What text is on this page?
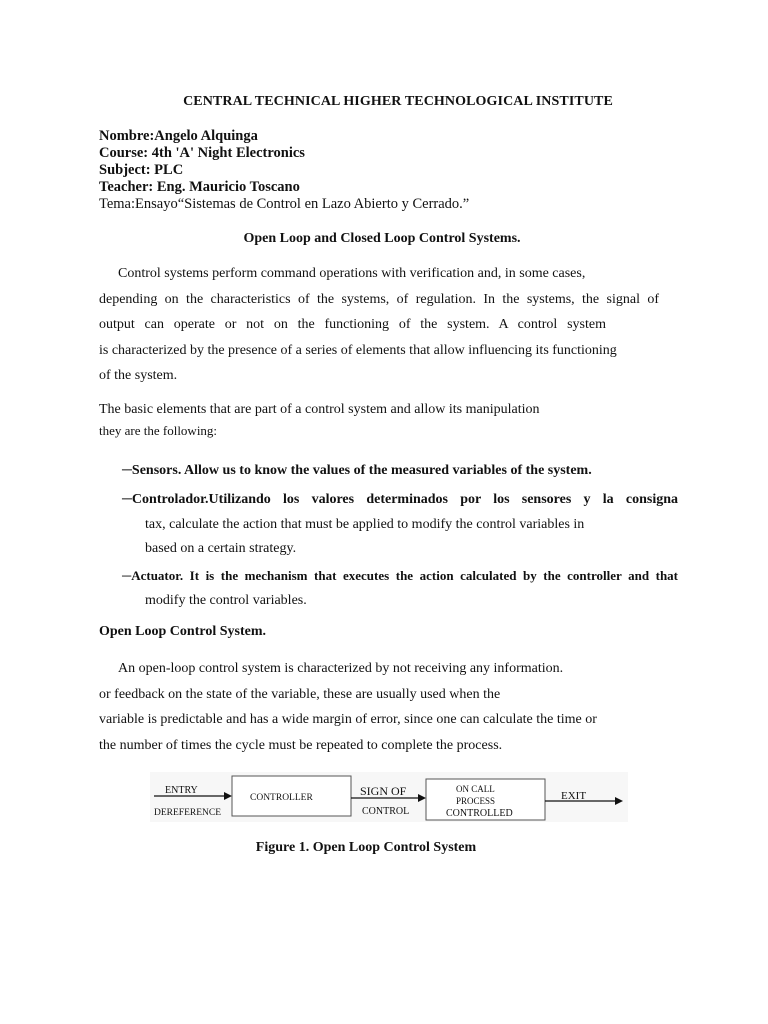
CENTRAL TECHNICAL HIGHER TECHNOLOGICAL INSTITUTE
Nombre:Angelo Alquinga
Course: 4th 'A' Night Electronics
Subject: PLC
Teacher: Eng. Mauricio Toscano
Tema:Ensayo“Sistemas de Control en Lazo Abierto y Cerrado.”
Open Loop and Closed Loop Control Systems.
Control systems perform command operations with verification and, in some cases,
depending on the characteristics of the systems, of regulation. In the systems, the signal of
output can operate or not on the functioning of the system. A control system
is characterized by the presence of a series of elements that allow influencing its functioning
of the system.
The basic elements that are part of a control system and allow its manipulation
they are the following:
─Sensors. Allow us to know the values of the measured variables of the system.
─Controlador.Utilizando los valores determinados por los sensores y la consigna
tax, calculate the action that must be applied to modify the control variables in
based on a certain strategy.
─Actuator. It is the mechanism that executes the action calculated by the controller and that
modify the control variables.
Open Loop Control System.
An open-loop control system is characterized by not receiving any information.
or feedback on the state of the variable, these are usually used when the
variable is predictable and has a wide margin of error, since one can calculate the time or
the number of times the cycle must be repeated to complete the process.
ENTRY
DEREFERENCE
CONTROLLER	SIGN OF
CONTROL
ON CALL
PROCESS
CONTROLLED
EXIT
Figure 1. Open Loop Control System
